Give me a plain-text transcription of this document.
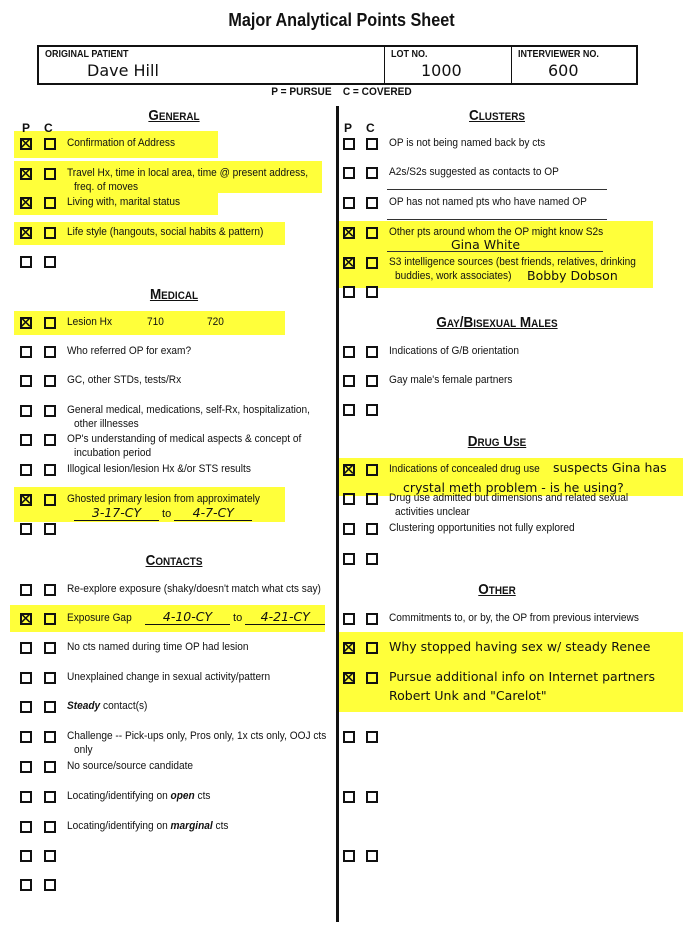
Major Analytical Points Sheet
ORIGINAL PATIENT
Dave Hill
LOT NO.
1000
INTERVIEWER NO.
600
P = PURSUE    C = COVERED
General
Medical
Contacts
Clusters
Gay/Bisexual Males
Drug Use
Other
P C	P C
✕	Confirmation of Address
✕	Travel Hx, time in local area, time @ present address,
freq. of moves
✕	Living with, marital status
✕	Life style (hangouts, social habits & pattern)
✕	Lesion Hx	710	720
Who referred OP for exam?
GC, other STDs, tests/Rx
General medical, medications, self-Rx, hospitalization,
other illnesses
OP's understanding of medical aspects & concept of
incubation period
Illogical lesion/lesion Hx &/or STS results
✕	Ghosted primary lesion from approximately
3-17-CY to 4-7-CY
Re-explore exposure (shaky/doesn't match what cts say)
✕	Exposure Gap	4-10-CY to 4-21-CY
No cts named during time OP had lesion
Unexplained change in sexual activity/pattern
Steady contact(s)
Challenge -- Pick-ups only, Pros only, 1x cts only, OOJ cts
only
No source/source candidate
Locating/identifying on open cts
Locating/identifying on marginal cts
OP is not being named back by cts
A2s/S2s suggested as contacts to OP
OP has not named pts who have named OP
✕	Other pts around whom the OP might know S2s
Gina White
✕	S3 intelligence sources (best friends, relatives, drinking
buddies, work associates) Bobby Dobson
Indications of G/B orientation
Gay male's female partners
✕	Indications of concealed drug use suspects Gina has
crystal meth problem - is he using?
Drug use admitted but dimensions and related sexual
activities unclear
Clustering opportunities not fully explored
Commitments to, or by, the OP from previous interviews
✕	Why stopped having sex w/ steady Renee
✕	Pursue additional info on Internet partners
Robert Unk and "Carelot"
